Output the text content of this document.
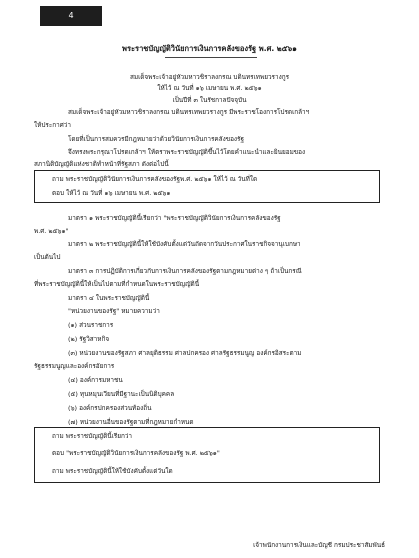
4
พระราชบัญญัติวินัยการเงินการคลังของรัฐ พ.ศ. ๒๕๖๑
สมเด็จพระเจ้าอยู่หัวมหาวชิราลงกรณ บดินทรเทพยวรางกูร
ให้ไว้ ณ วันที่ ๑๖ เมษายน พ.ศ. ๒๕๖๑
เป็นปีที่ ๓ ในรัชกาลปัจจุบัน
สมเด็จพระเจ้าอยู่หัวมหาวชิราลงกรณ บดินทรเทพยวรางกูร มีพระราชโองการโปรดเกล้าฯ
ให้ประกาศว่า
โดยที่เป็นการสมควรมีกฎหมายว่าด้วยวินัยการเงินการคลังของรัฐ
จึงทรงพระกรุณาโปรดเกล้าฯ ให้ตราพระราชบัญญัติขึ้นไว้โดยคำแนะนำและยินยอมของ
สภานิติบัญญัติแห่งชาติทำหน้าที่รัฐสภา ดังต่อไปนี้
ถาม พระราชบัญญัติวินัยการเงินการคลังของรัฐพ.ศ. ๒๕๖๑ ให้ไว้ ณ วันที่ใด
ตอบ ให้ไว้ ณ วันที่ ๑๖ เมษายน พ.ศ. ๒๕๖๑
มาตรา ๑ พระราชบัญญัตินี้เรียกว่า "พระราชบัญญัติวินัยการเงินการคลังของรัฐ
พ.ศ. ๒๕๖๑"
มาตรา ๒ พระราชบัญญัตินี้ให้ใช้บังคับตั้งแต่วันถัดจากวันประกาศในราชกิจจานุเบกษา
เป็นต้นไป
มาตรา ๓ การปฏิบัติการเกี่ยวกับการเงินการคลังของรัฐตามกฎหมายต่าง ๆ ถ้าเป็นกรณี
ที่พระราชบัญญัตินี้ให้เป็นไปตามที่กำหนดในพระราชบัญญัตินี้
มาตรา ๔ ในพระราชบัญญัตินี้
"หน่วยงานของรัฐ" หมายความว่า
(๑) ส่วนราชการ
(๒) รัฐวิสาหกิจ
(๓) หน่วยงานของรัฐสภา ศาลยุติธรรม ศาลปกครอง ศาลรัฐธรรมนูญ องค์กรอิสระตาม
รัฐธรรมนูญและองค์กรอัยการ
(๔) องค์การมหาชน
(๕) ทุนหมุนเวียนที่มีฐานะเป็นนิติบุคคล
(๖) องค์กรปกครองส่วนท้องถิ่น
(๗) หน่วยงานอื่นของรัฐตามที่กฎหมายกำหนด
ถาม พระราชบัญญัตินี้เรียกว่า
ตอบ "พระราชบัญญัติวินัยการเงินการคลังของรัฐ พ.ศ. ๒๕๖๑"
ถาม พระราชบัญญัตินี้ให้ใช้บังคับตั้งแต่วันใด
เจ้าพนักงานการเงินและบัญชี กรมประชาสัมพันธ์
